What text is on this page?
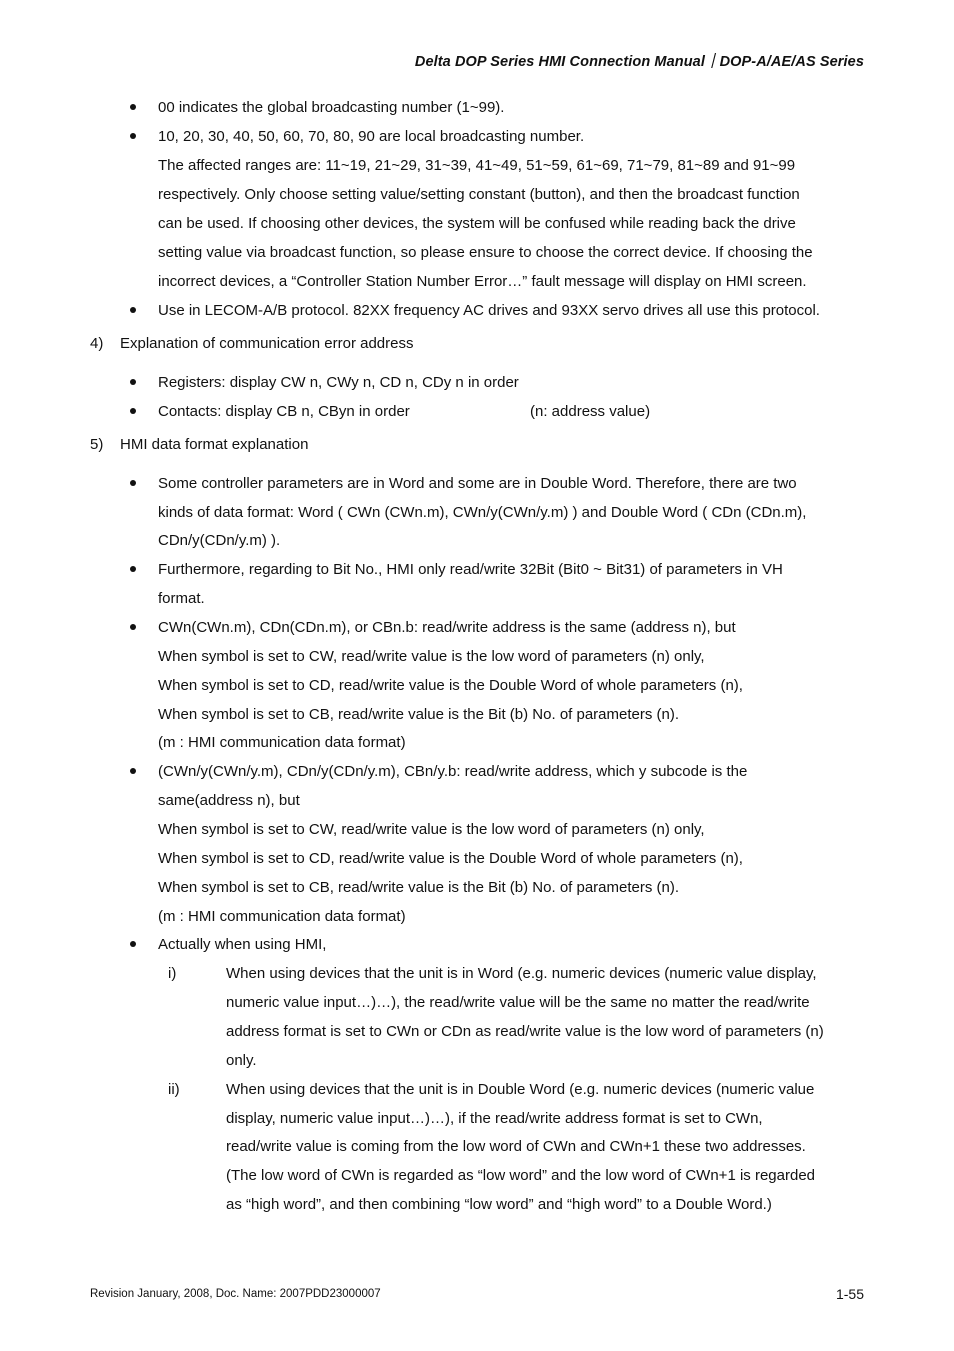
Delta DOP Series HMI Connection Manual｜DOP-A/AE/AS Series
00 indicates the global broadcasting number (1~99).
10, 20, 30, 40, 50, 60, 70, 80, 90 are local broadcasting number.
The affected ranges are: 11~19, 21~29, 31~39, 41~49, 51~59, 61~69, 71~79, 81~89 and 91~99
respectively. Only choose setting value/setting constant (button), and then the broadcast function
can be used. If choosing other devices, the system will be confused while reading back the drive
setting value via broadcast function, so please ensure to choose the correct device. If choosing the
incorrect devices, a “Controller Station Number Error…” fault message will display on HMI screen.
Use in LECOM-A/B protocol. 82XX frequency AC drives and 93XX servo drives all use this protocol.
4) Explanation of communication error address
Registers: display CW n, CWy n, CD n, CDy n in order
Contacts: display CB n, CByn in order	(n: address value)
5) HMI data format explanation
Some controller parameters are in Word and some are in Double Word. Therefore, there are two
kinds of data format: Word ( CWn (CWn.m), CWn/y(CWn/y.m) ) and Double Word ( CDn (CDn.m),
CDn/y(CDn/y.m) ).
Furthermore, regarding to Bit No., HMI only read/write 32Bit (Bit0 ~ Bit31) of parameters in VH
format.
CWn(CWn.m), CDn(CDn.m), or CBn.b: read/write address is the same (address n), but
When symbol is set to CW, read/write value is the low word of parameters (n) only,
When symbol is set to CD, read/write value is the Double Word of whole parameters (n),
When symbol is set to CB, read/write value is the Bit (b) No. of parameters (n).
(m : HMI communication data format)
(CWn/y(CWn/y.m), CDn/y(CDn/y.m), CBn/y.b: read/write address, which y subcode is the
same(address n), but
When symbol is set to CW, read/write value is the low word of parameters (n) only,
When symbol is set to CD, read/write value is the Double Word of whole parameters (n),
When symbol is set to CB, read/write value is the Bit (b) No. of parameters (n).
(m : HMI communication data format)
Actually when using HMI,
i)	When using devices that the unit is in Word (e.g. numeric devices (numeric value display,
numeric value input…)…), the read/write value will be the same no matter the read/write
address format is set to CWn or CDn as read/write value is the low word of parameters (n)
only.
ii)	When using devices that the unit is in Double Word (e.g. numeric devices (numeric value
display, numeric value input…)…), if the read/write address format is set to CWn,
read/write value is coming from the low word of CWn and CWn+1 these two addresses.
(The low word of CWn is regarded as “low word” and the low word of CWn+1 is regarded
as “high word”, and then combining “low word” and “high word” to a Double Word.)
Revision January, 2008, Doc. Name: 2007PDD23000007	1-55
